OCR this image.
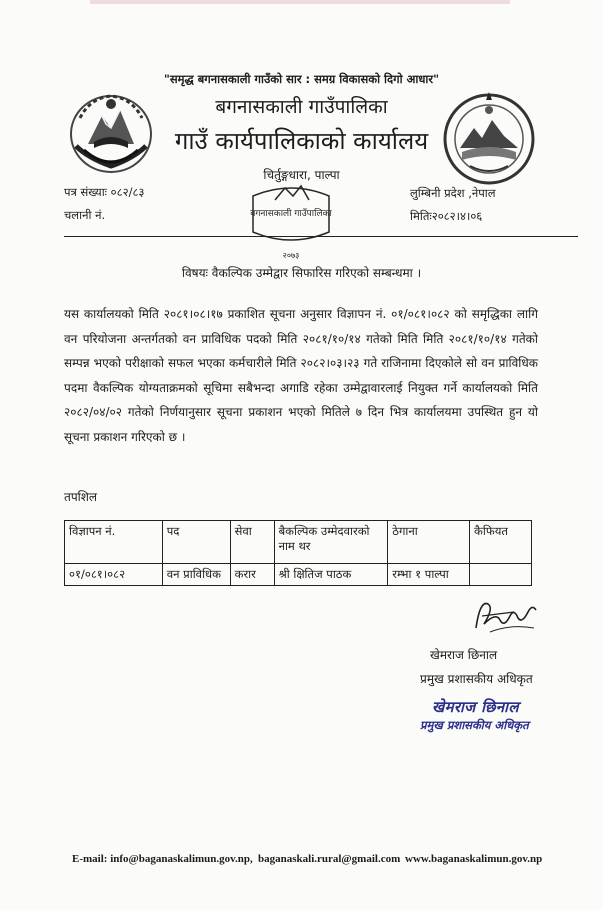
"समृद्ध बगनासकाली गाउँको सार : समग्र विकासको दिगो आधार"
बगनासकाली गाउँपालिका
गाउँ कार्यपालिकाको कार्यालय
चिर्तुङ्गधारा, पाल्पा
बगनासकाली गाउँपालिका
२०७३
पत्र संख्याः ०८२/८३
चलानी नं.
लुम्बिनी प्रदेश ,नेपाल
मितिः२०८२।४।०६
विषयः वैकल्पिक उम्मेद्वार सिफारिस गरिएको सम्बन्धमा ।
यस कार्यालयको मिति २०८१।०८।१७ प्रकाशित सूचना अनुसार विज्ञापन नं. ०१/०८१।०८२ को समृद्धिका लागि वन परियोजना अन्तर्गतको वन प्राविधिक पदको मिति २०८१/१०/१४ गतेको मिति मिति २०८१/१०/१४ गतेको सम्पन्न भएको परीक्षाको सफल भएका कर्मचारीले मिति २०८२।०३।२३ गते राजिनामा दिएकोले सो वन प्राविधिक पदमा वैकल्पिक योग्यताक्रमको सूचिमा सबैभन्दा अगाडि रहेका उम्मेद्वावारलाई नियुक्त गर्ने कार्यालयको मिति २०८२/०४/०२ गतेको निर्णयानुसार सूचना प्रकाशन भएको मितिले ७ दिन भित्र कार्यालयमा उपस्थित हुन यो सूचना प्रकाशन गरिएको छ ।
तपशिल
विज्ञापन नं.	पद	सेवा	बैकल्पिक उम्मेदवारको नाम थर	ठेगाना	कैफियत
०१/०८१।०८२	वन प्राविधिक	करार	श्री क्षितिज पाठक	रम्भा १ पाल्पा	
खेमराज छिनाल
प्रमुख प्रशासकीय अधिकृत
खेमराज छिनाल
प्रमुख प्रशासकीय अधिकृत
E-mail: info@baganaskalimun.gov.np, baganaskali.rural@gmail.com www.baganaskalimun.gov.np
